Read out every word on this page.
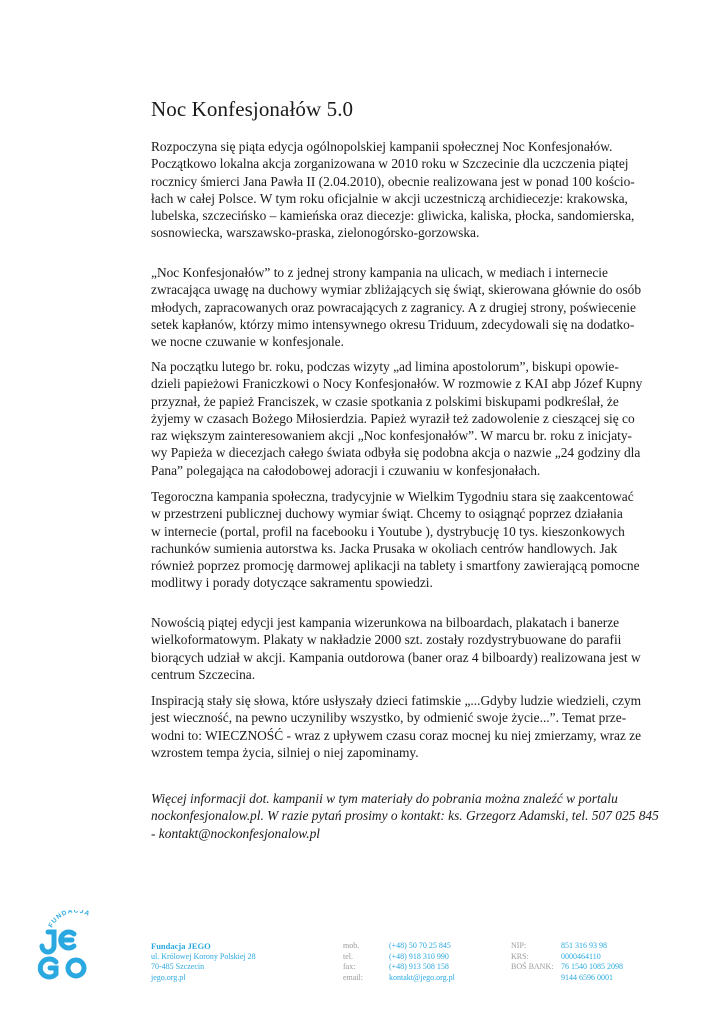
Noc Konfesjonałów 5.0

Rozpoczyna się piąta edycja ogólnopolskiej kampanii społecznej Noc Konfesjonałów.
Początkowo lokalna akcja zorganizowana w 2010 roku w Szczecinie dla uczczenia piątej
rocznicy śmierci Jana Pawła II (2.04.2010), obecnie realizowana jest w ponad 100 kościo-
łach w całej Polsce. W tym roku oficjalnie w akcji uczestniczą archidiecezje: krakowska,
lubelska, szczecińsko – kamieńska oraz diecezje: gliwicka, kaliska, płocka, sandomierska,
sosnowiecka, warszawsko-praska, zielonogórsko-gorzowska.

„Noc Konfesjonałów” to z jednej strony kampania na ulicach, w mediach i internecie
zwracająca uwagę na duchowy wymiar zbliżających się świąt, skierowana głównie do osób
młodych, zapracowanych oraz powracających z zagranicy. A z drugiej strony, poświecenie
setek kapłanów, którzy mimo intensywnego okresu Triduum, zdecydowali się na dodatko-
we nocne czuwanie w konfesjonale.

Na początku lutego br. roku, podczas wizyty „ad limina apostolorum”, biskupi opowie-
dzieli papieżowi Franiczkowi o Nocy Konfesjonałów. W rozmowie z KAI abp Józef Kupny
przyznał, że papież Franciszek, w czasie spotkania z polskimi biskupami podkreślał, że
żyjemy w czasach Bożego Miłosierdzia. Papież wyraził też zadowolenie z cieszącej się co
raz większym zainteresowaniem akcji „Noc konfesjonałów”. W marcu br. roku z inicjaty-
wy Papieża w diecezjach całego świata odbyła się podobna akcja o nazwie „24 godziny dla
Pana” polegająca na całodobowej adoracji i czuwaniu w konfesjonałach.

Tegoroczna kampania społeczna, tradycyjnie w Wielkim Tygodniu stara się zaakcentować
w przestrzeni publicznej duchowy wymiar świąt. Chcemy to osiągnąć poprzez działania
w internecie (portal, profil na facebooku i Youtube ), dystrybucję 10 tys. kieszonkowych
rachunków sumienia autorstwa ks. Jacka Prusaka w okoliach centrów handlowych. Jak
również poprzez promocję darmowej aplikacji na tablety i smartfony zawierającą pomocne
modlitwy i porady dotyczące sakramentu spowiedzi.

Nowością piątej edycji jest kampania wizerunkowa na bilboardach, plakatach i banerze
wielkoformatowym. Plakaty w nakładzie 2000 szt. zostały rozdystrybuowane do parafii
biorących udział w akcji. Kampania outdorowa (baner oraz 4 bilboardy) realizowana jest w
centrum Szczecina.

Inspiracją stały się słowa, które usłyszały dzieci fatimskie „...Gdyby ludzie wiedzieli, czym
jest wieczność, na pewno uczyniliby wszystko, by odmienić swoje życie...”. Temat prze-
wodni to: WIECZNOŚĆ - wraz z upływem czasu coraz mocnej ku niej zmierzamy, wraz ze
wzrostem tempa życia, silniej o niej zapominamy.

Więcej informacji dot. kampanii w tym materiały do pobrania można znaleźć w portalu
nockonfesjonalow.pl. W razie pytań prosimy o kontakt: ks. Grzegorz Adamski, tel. 507 025 845
- kontakt@nockonfesjonalow.pl

FUNDACJA
Fundacja JEGO
ul. Królowej Korony Polskiej 28
70-485 Szczecin
jego.org.pl
mob.
tel.
fax:
email:
(+48) 50 70 25 845
(+48) 918 310 990
(+48) 913 508 158
kontakt@jego.org.pl
NIP:
KRS:
BOŚ BANK:
851 316 93 98
0000464110
76 1540 1085 2098
9144 6596 0001
